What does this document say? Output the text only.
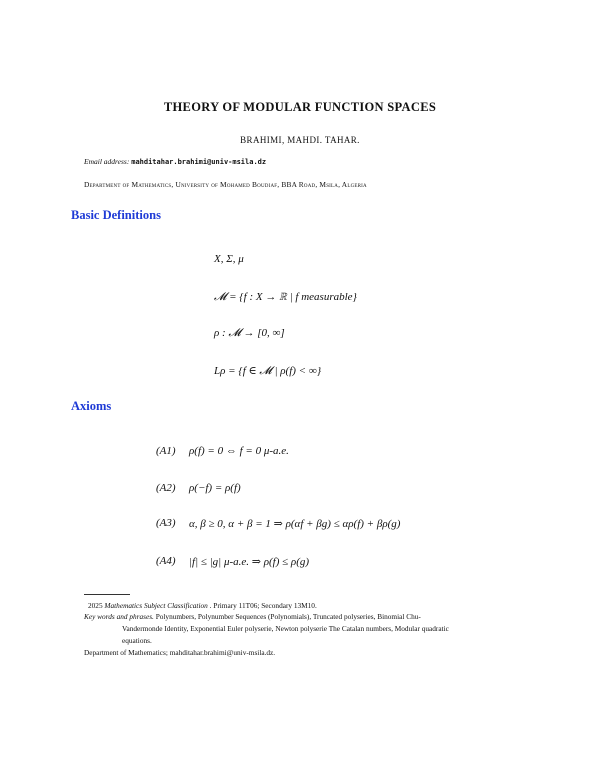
THEORY OF MODULAR FUNCTION SPACES
BRAHIMI, MAHDI. TAHAR.
Email address: mahditahar.brahimi@univ-msila.dz
Department of Mathematics, University of Mohamed Boudiaf, BBA Road, Msila, Algeria
Basic Definitions
X, Σ, μ
𝓜 = {f : X → ℝ | f measurable}
ρ : 𝓜 → [0, ∞]
Lρ = {f ∈ 𝓜 | ρ(f) < ∞}
Axioms
(A1) ρ(f) = 0 ⇔ f = 0 μ-a.e.
(A2) ρ(−f) = ρ(f)
(A3) α, β ≥ 0, α + β = 1 ⇒ ρ(αf + βg) ≤ αρ(f) + βρ(g)
(A4) |f| ≤ |g| μ-a.e. ⇒ ρ(f) ≤ ρ(g)
2025 Mathematics Subject Classification . Primary 11T06; Secondary 13M10.
Key words and phrases. Polynumbers, Polynumber Sequences (Polynomials), Truncated polyseries, Binomial Chu-
Vandermonde Identity, Exponential Euler polyserie, Newton polyserie The Catalan numbers, Modular quadratic
equations.
Department of Mathematics; mahditahar.brahimi@univ-msila.dz.
